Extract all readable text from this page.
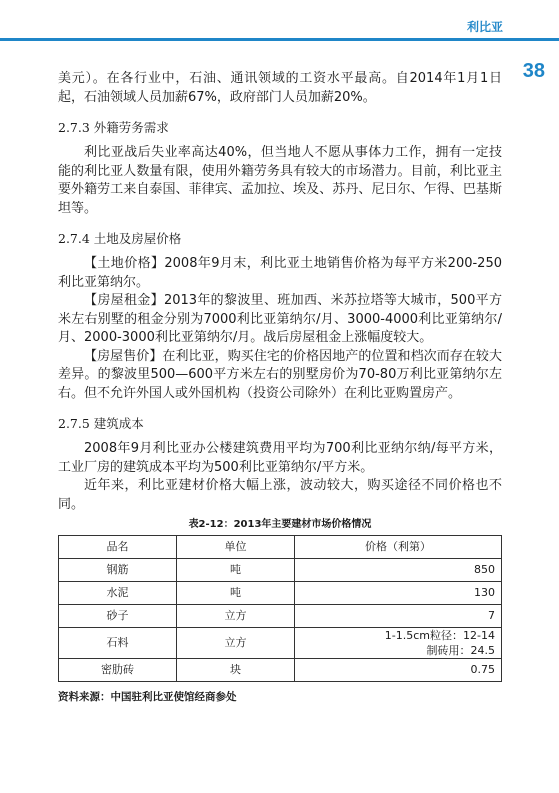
利比亚
38

美元）。在各行业中，石油、通讯领域的工资水平最高。自2014年1月1日起，石油领域人员加薪67%，政府部门人员加薪20%。

2.7.3 外籍劳务需求

利比亚战后失业率高达40%，但当地人不愿从事体力工作，拥有一定技能的利比亚人数量有限，使用外籍劳务具有较大的市场潜力。目前，利比亚主要外籍劳工来自泰国、菲律宾、孟加拉、埃及、苏丹、尼日尔、乍得、巴基斯坦等。

2.7.4 土地及房屋价格

【土地价格】2008年9月末，利比亚土地销售价格为每平方米200-250利比亚第纳尔。

【房屋租金】2013年的黎波里、班加西、米苏拉塔等大城市，500平方米左右别墅的租金分别为7000利比亚第纳尔/月、3000-4000利比亚第纳尔/月、2000-3000利比亚第纳尔/月。战后房屋租金上涨幅度较大。

【房屋售价】在利比亚，购买住宅的价格因地产的位置和档次而存在较大差异。的黎波里500—600平方米左右的别墅房价为70-80万利比亚第纳尔左右。但不允许外国人或外国机构（投资公司除外）在利比亚购置房产。

2.7.5 建筑成本

2008年9月利比亚办公楼建筑费用平均为700利比亚纳尔纳/每平方米，工业厂房的建筑成本平均为500利比亚第纳尔/平方米。

近年来，利比亚建材价格大幅上涨，波动较大，购买途径不同价格也不同。

表2-12：2013年主要建材市场价格情况
品名	单位	价格（利第）
钢筋	吨	850
水泥	吨	130
砂子	立方	7
石料	立方	1-1.5cm粒径：12-14
制砖用：24.5

密肋砖	块	0.75
资料来源：中国驻利比亚使馆经商参处
